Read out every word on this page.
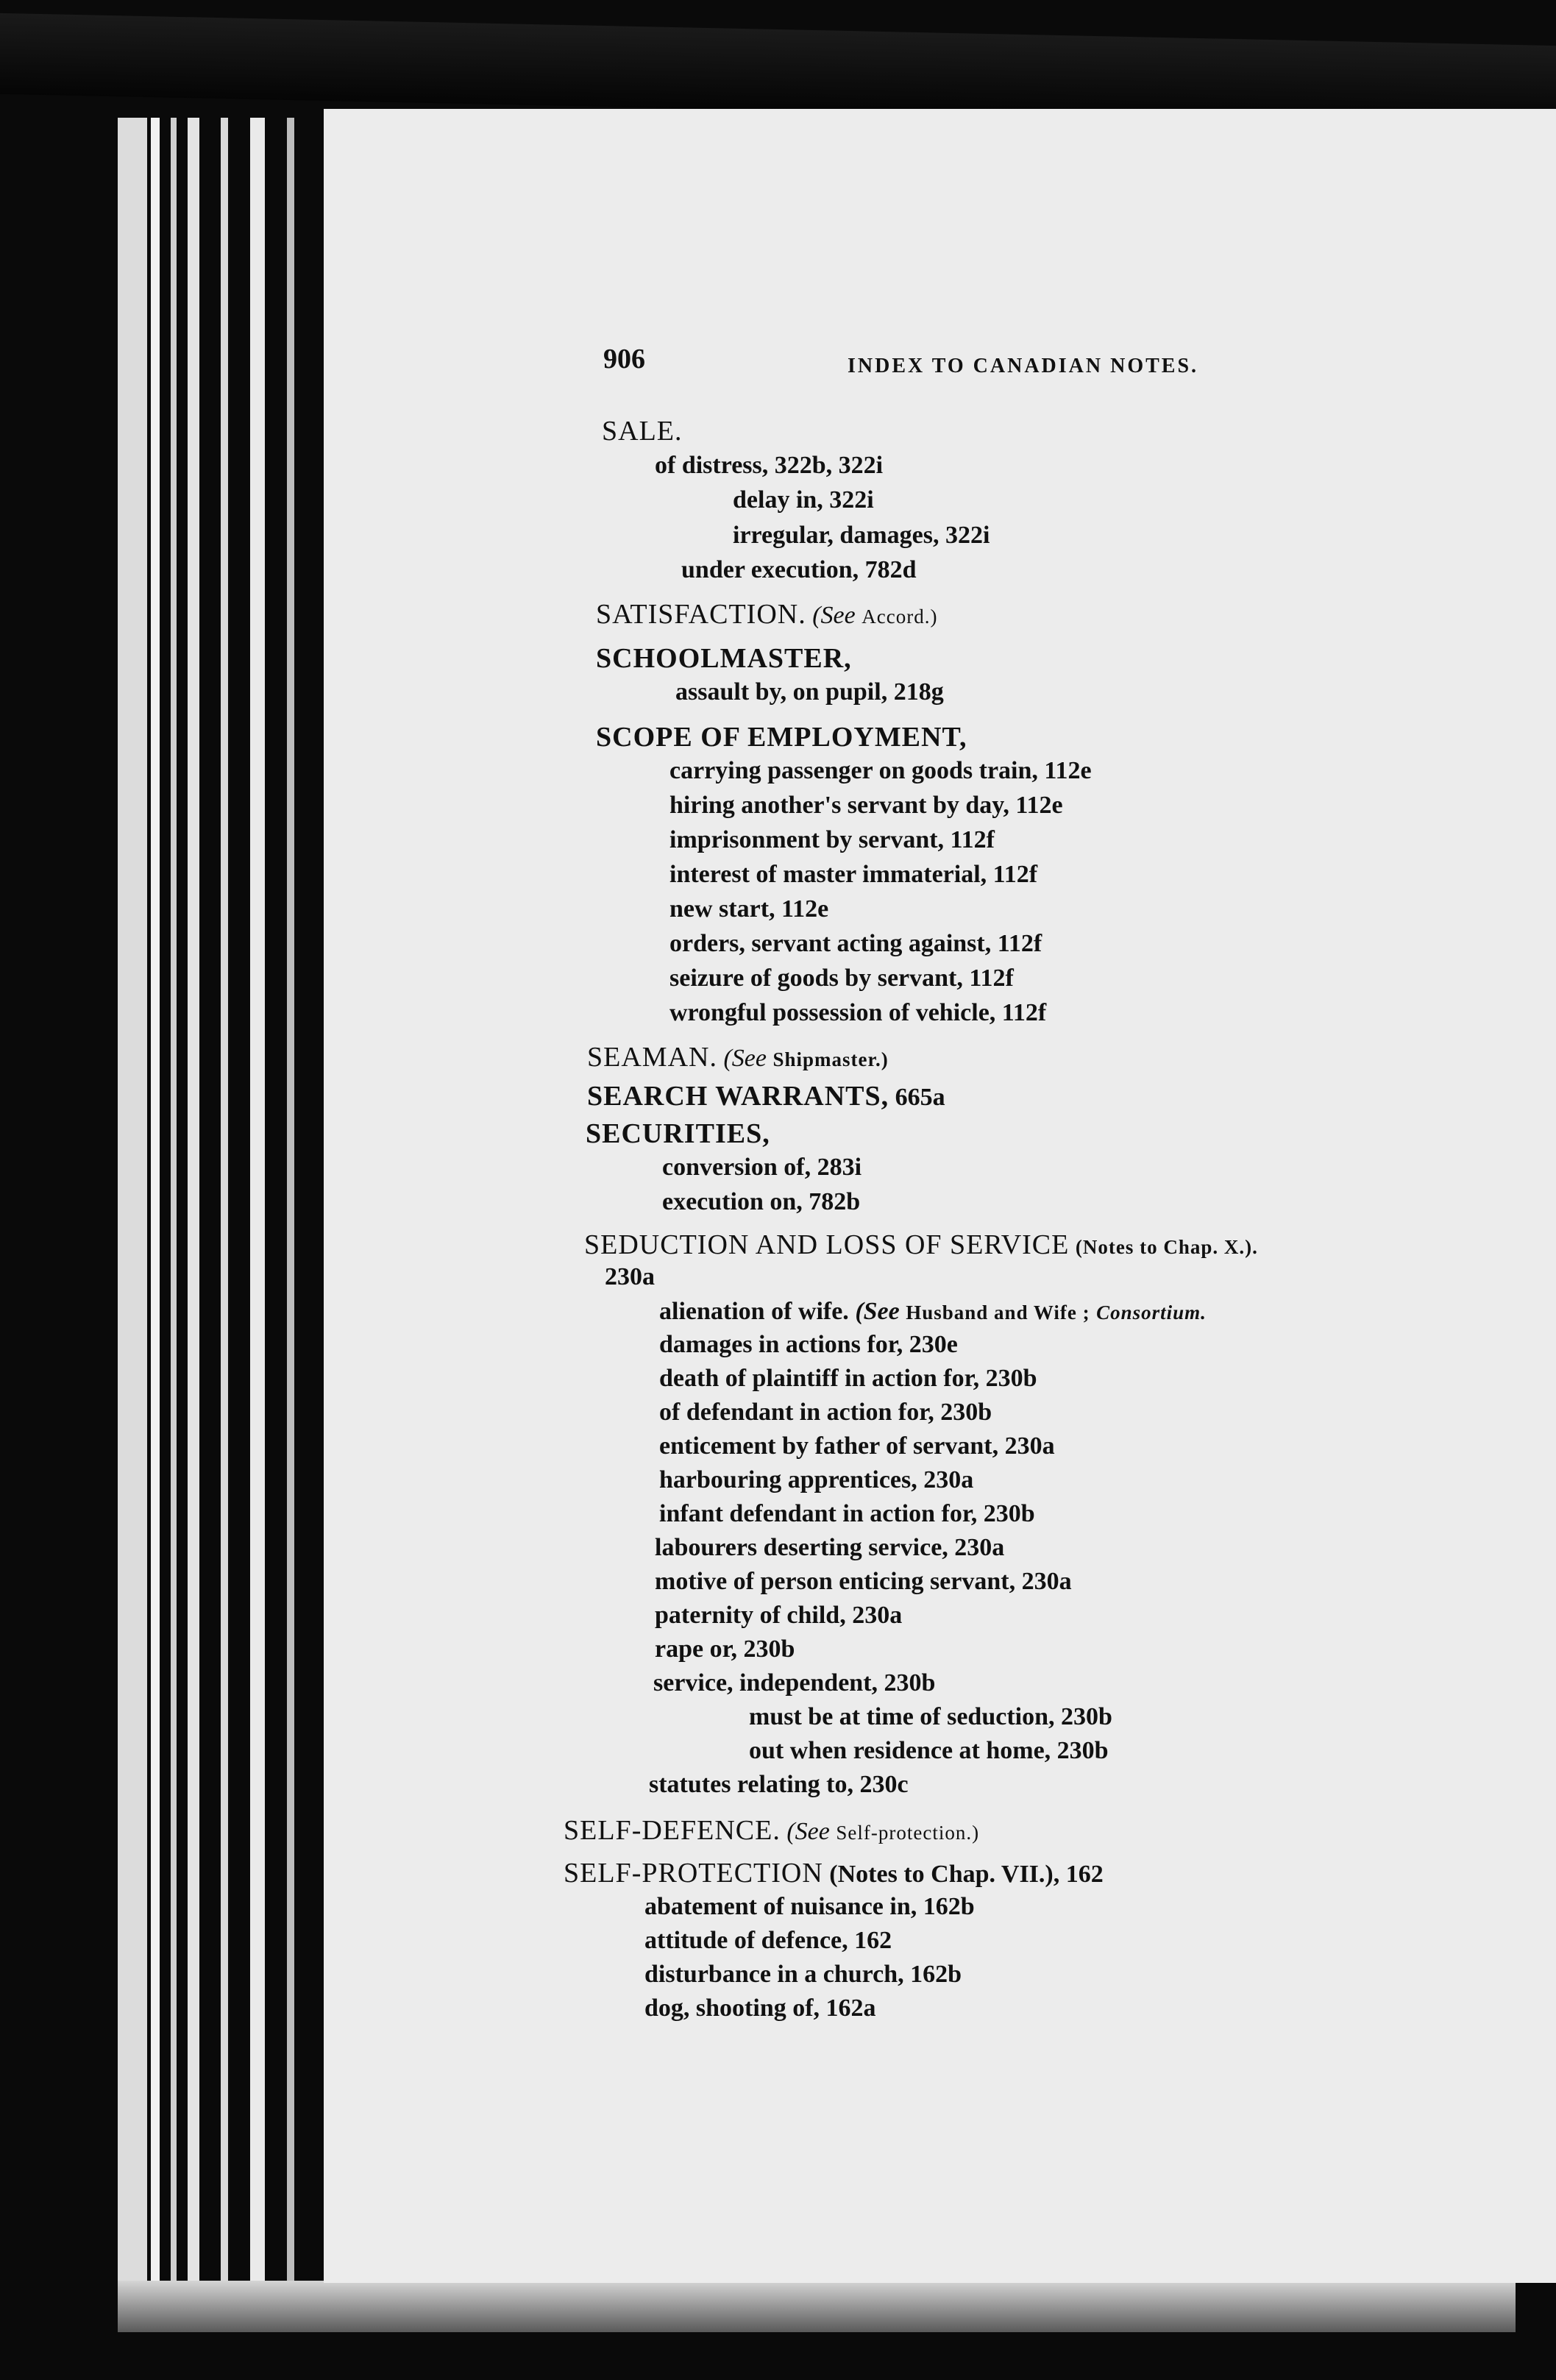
906	INDEX TO CANADIAN NOTES.
SALE.
of distress, 322b, 322i
delay in, 322i
irregular, damages, 322i
under execution, 782d
SATISFACTION. (See Accord.)
SCHOOLMASTER,
assault by, on pupil, 218g
SCOPE OF EMPLOYMENT,
carrying passenger on goods train, 112e
hiring another's servant by day, 112e
imprisonment by servant, 112f
interest of master immaterial, 112f
new start, 112e
orders, servant acting against, 112f
seizure of goods by servant, 112f
wrongful possession of vehicle, 112f
SEAMAN. (See Shipmaster.)
SEARCH WARRANTS, 665a
SECURITIES,
conversion of, 283i
execution on, 782b
SEDUCTION AND LOSS OF SERVICE (Notes to Chap. X.).
230a
alienation of wife. (See Husband and Wife ; Consortium.
damages in actions for, 230e
death of plaintiff in action for, 230b
of defendant in action for, 230b
enticement by father of servant, 230a
harbouring apprentices, 230a
infant defendant in action for, 230b
labourers deserting service, 230a
motive of person enticing servant, 230a
paternity of child, 230a
rape or, 230b
service, independent, 230b
must be at time of seduction, 230b
out when residence at home, 230b
statutes relating to, 230c
SELF-DEFENCE. (See Self-protection.)
SELF-PROTECTION (Notes to Chap. VII.), 162
abatement of nuisance in, 162b
attitude of defence, 162
disturbance in a church, 162b
dog, shooting of, 162a
